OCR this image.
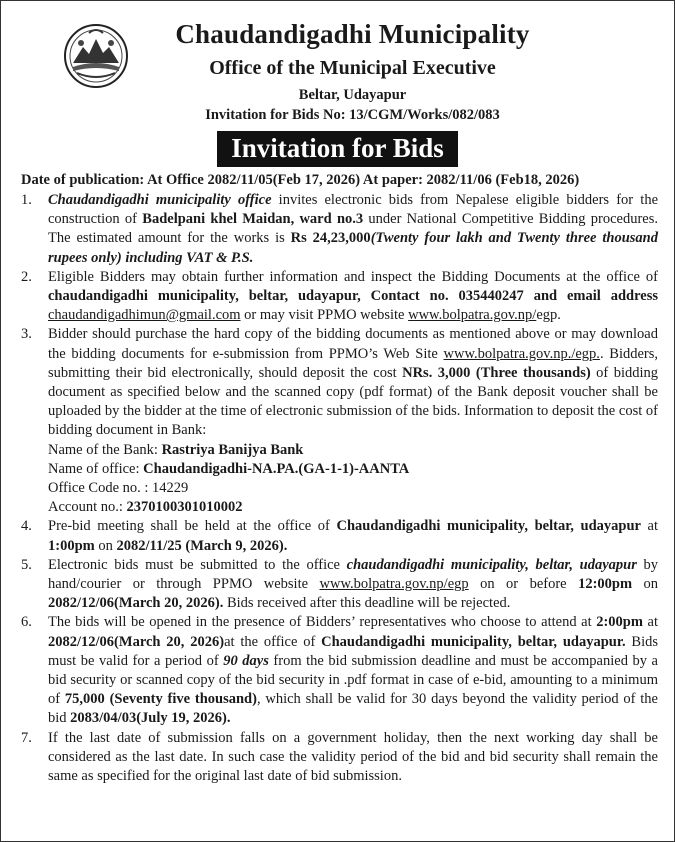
Chaudandigadhi Municipality
Office of the Municipal Executive
Beltar, Udayapur
Invitation for Bids No: 13/CGM/Works/082/083
Invitation for Bids
Date of publication: At Office 2082/11/05(Feb 17, 2026) At paper: 2082/11/06 (Feb18, 2026)
1. Chaudandigadhi municipality office invites electronic bids from Nepalese eligible bidders for the construction of Badelpani khel Maidan, ward no.3 under National Competitive Bidding procedures. The estimated amount for the works is Rs 24,23,000(Twenty four lakh and Twenty three thousand rupees only) including VAT & P.S.
2. Eligible Bidders may obtain further information and inspect the Bidding Documents at the office of chaudandigadhi municipality, beltar, udayapur, Contact no. 035440247 and email address chaudandigadhimun@gmail.com or may visit PPMO website www.bolpatra.gov.np/egp.
3. Bidder should purchase the hard copy of the bidding documents as mentioned above or may download the bidding documents for e-submission from PPMO’s Web Site www.bolpatra.gov.np./egp.. Bidders, submitting their bid electronically, should deposit the cost NRs. 3,000 (Three thousands) of bidding document as specified below and the scanned copy (pdf format) of the Bank deposit voucher shall be uploaded by the bidder at the time of electronic submission of the bids. Information to deposit the cost of bidding document in Bank:
Name of the Bank: Rastriya Banijya Bank
Name of office: Chaudandigadhi-NA.PA.(GA-1-1)-AANTA
Office Code no. : 14229
Account no.: 2370100301010002
4. Pre-bid meeting shall be held at the office of Chaudandigadhi municipality, beltar, udayapur at 1:00pm on 2082/11/25 (March 9, 2026).
5. Electronic bids must be submitted to the office chaudandigadhi municipality, beltar, udayapur by hand/courier or through PPMO website www.bolpatra.gov.np/egp on or before 12:00pm on 2082/12/06(March 20, 2026). Bids received after this deadline will be rejected.
6. The bids will be opened in the presence of Bidders’ representatives who choose to attend at 2:00pm at 2082/12/06(March 20, 2026)at the office of Chaudandigadhi municipality, beltar, udayapur. Bids must be valid for a period of 90 days from the bid submission deadline and must be accompanied by a bid security or scanned copy of the bid security in .pdf format in case of e-bid, amounting to a minimum of 75,000 (Seventy five thousand), which shall be valid for 30 days beyond the validity period of the bid 2083/04/03(July 19, 2026).
7. If the last date of submission falls on a government holiday, then the next working day shall be considered as the last date. In such case the validity period of the bid and bid security shall remain the same as specified for the original last date of bid submission.
